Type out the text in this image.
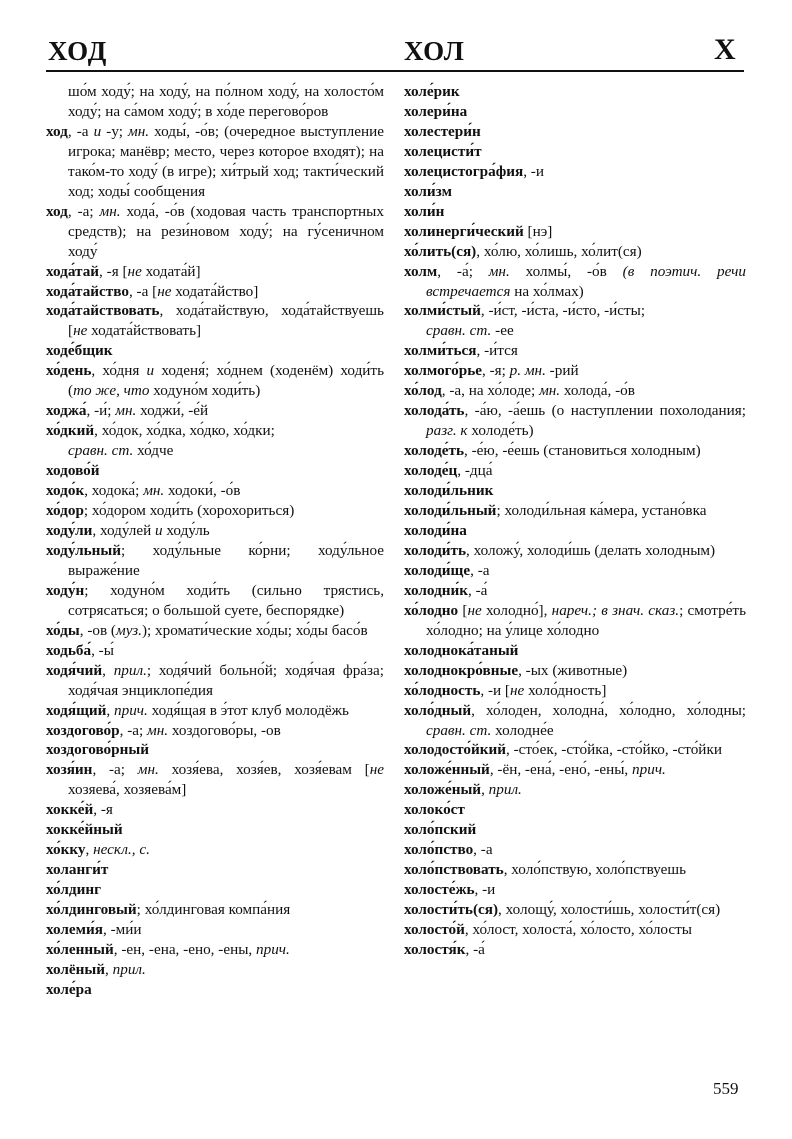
ХОД	ХОЛ	Х

шо́м ходу́; на ходу́, на по́лном ходу́, на холосто́м ходу́; на са́мом ходу́; в хо́де перегово́ров

ход, -а и -у; мн. ходы́, -о́в; (очередное выступление игрока; манёвр; место, через которое входят); на тако́м-то ходу́ (в игре); хи́трый ход; такти́ческий ход; ходы́ сообщения

ход, -а; мн. хода́, -о́в (ходовая часть транспортных средств); на рези́новом ходу́; на гу́сеничном ходу́

хода́тай, -я [не ходата́й]

хода́тайство, -а [не ходата́йство]

хода́тайствовать, хода́тайствую, хода́тайствуешь [не ходата́йствовать]

ходе́бщик

хо́день, хо́дня и ходеня́; хо́днем (ходенём) ходи́ть (то же, что ходуно́м ходи́ть)

ходжа́, -и́; мн. ходжи́, -е́й

хо́дкий, хо́док, хо́дка, хо́дко, хо́дки;

сравн. ст. хо́дче

ходово́й

ходо́к, ходока́; мн. ходоки́, -о́в

хо́дор; хо́дором ходи́ть (хорохориться)

ходу́ли, ходу́лей и ходу́ль

ходу́льный; ходу́льные ко́рни; ходу́льное выраже́ние

ходу́н; ходуно́м ходи́ть (сильно трястись, сотрясаться; о большой суете, беспорядке)

хо́ды, -ов (муз.); хромати́ческие хо́ды; хо́ды басо́в

ходьба́, -ы́

ходя́чий, прил.; ходя́чий больно́й; ходя́чая фра́за; ходя́чая энциклопе́дия

ходя́щий, прич. ходя́щая в э́тот клуб молодёжь

хоздогово́р, -а; мн. хоздогово́ры, -ов

хоздогово́рный

хозя́ин, -а; мн. хозя́ева, хозя́ев, хозя́евам [не хозяева́, хозяева́м]

хокке́й, -я

хокке́йный

хо́кку, нескл., с.

холанги́т

хо́лдинг

хо́лдинговый; хо́лдинговая компа́ния

холеми́я, -ми́и

хо́ленный, -ен, -ена, -ено, -ены, прич.

холёный, прил.

холе́ра

холе́рик

холери́на

холестери́н

холецисти́т

холецистогра́фия, -и

холи́зм

холи́н

холинерги́ческий [нэ]

хо́лить(ся), хо́лю, хо́лишь, хо́лит(ся)

холм, -а́; мн. холмы́, -о́в (в поэтич. речи встречается на хо́лмах)

холми́стый, -и́ст, -и́ста, -и́сто, -и́сты;

сравн. ст. -ее

холми́ться, -и́тся

холмого́рье, -я; р. мн. -рий

хо́лод, -а, на хо́лоде; мн. холода́, -о́в

холода́ть, -а́ю, -а́ешь (о наступлении похолодания; разг. к холоде́ть)

холоде́ть, -е́ю, -е́ешь (становиться холодным)

холоде́ц, -дца́

холоди́льник

холоди́льный; холоди́льная ка́мера, устано́вка

холоди́на

холоди́ть, холожу́, холоди́шь (делать холодным)

холоди́ще, -а

холодни́к, -а́

хо́лодно [не холодно́], нареч.; в знач. сказ.; смотре́ть хо́лодно; на у́лице хо́лодно

холоднока́таный

холоднокро́вные, -ых (животные)

хо́лодность, -и [не холо́дность]

холо́дный, хо́лоден, холодна́, хо́лодно, хо́лодны; сравн. ст. холодне́е

холодосто́йкий, -сто́ек, -сто́йка, -сто́йко, -сто́йки

холоже́нный, -ён, -ена́, -ено́, -ены́, прич.

холоже́ный, прил.

холоко́ст

холо́пский

холо́пство, -а

холо́пствовать, холо́пствую, холо́пствуешь

холосте́жь, -и

холости́ть(ся), холощу́, холости́шь, холости́т(ся)

холосто́й, хо́лост, холоста́, хо́лосто, хо́лосты

холостя́к, -а́

559
